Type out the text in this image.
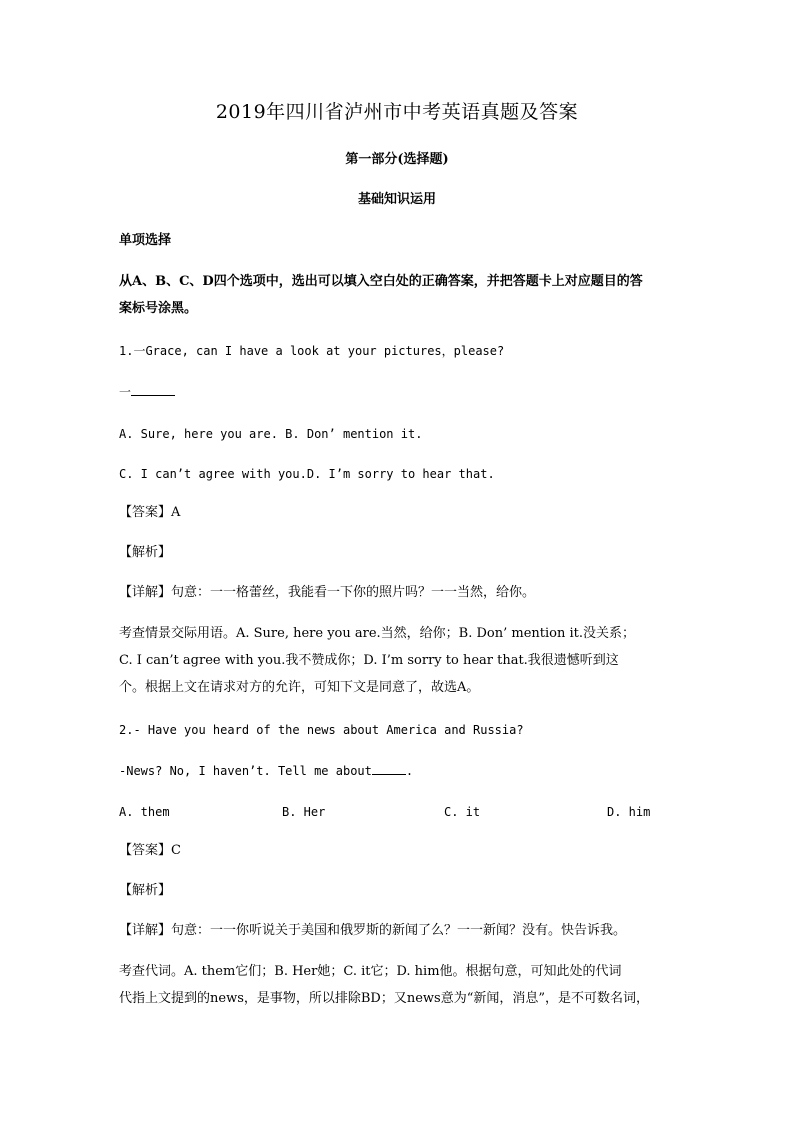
2019年四川省泸州市中考英语真题及答案
第一部分(选择题)
基础知识运用
单项选择
从A、B、C、D四个选项中，选出可以填入空白处的正确答案，并把答题卡上对应题目的答
案标号涂黑。
1.一Grace, can I have a look at your pictures，please?
一
A. Sure, here you are. B. Don’ mention it.
C. I can’t agree with you.D. I’m sorry to hear that.
【答案】A
【解析】
【详解】句意：一一格蕾丝，我能看一下你的照片吗？一一当然，给你。
考查情景交际用语。A. Sure, here you are.当然，给你；B. Don’ mention it.没关系；
C. I can’t agree with you.我不赞成你；D. I’m sorry to hear that.我很遗憾听到这
个。根据上文在请求对方的允许，可知下文是同意了，故选A。
2.- Have you heard of the news about America and Russia?
-News? No, I haven’t. Tell me about	.
A. them	B. Her	C. it	D. him
【答案】C
【解析】
【详解】句意：一一你听说关于美国和俄罗斯的新闻了么？一一新闻？没有。快告诉我。
考查代词。A. them它们；B. Her她；C. it它；D. him他。根据句意，可知此处的代词
代指上文提到的news，是事物，所以排除BD；又news意为“新闻，消息”，是不可数名词，
